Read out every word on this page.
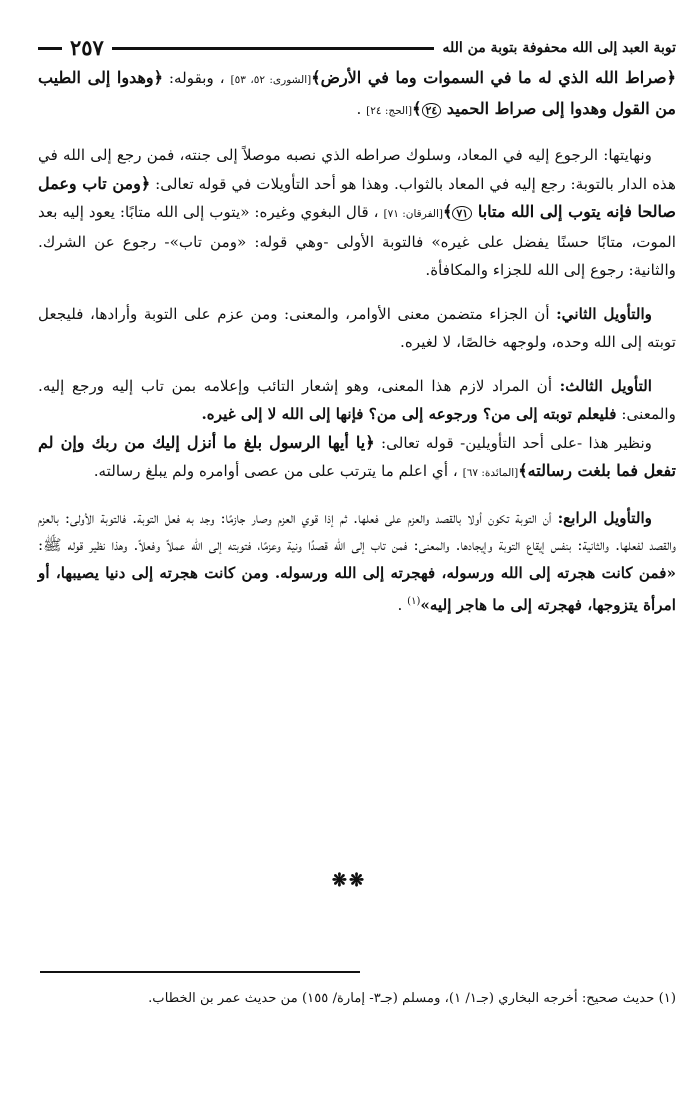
٢٥٧	توبة العبد إلى الله محفوفة بتوبة من الله

﴿صراط الله الذي له ما في السموات وما في الأرض﴾[الشورى: ٥٢، ٥٣] ، وبقوله: ﴿وهدوا إلى الطيب من القول وهدوا إلى صراط الحميد ٢٤﴾[الحج: ٢٤] .

ونهايتها: الرجوع إليه في المعاد، وسلوك صراطه الذي نصبه موصلاً إلى جنته، فمن رجع إلى الله في هذه الدار بالتوبة: رجع إليه في المعاد بالثواب. وهذا هو أحد التأويلات في قوله تعالى: ﴿ومن تاب وعمل صالحا فإنه يتوب إلى الله متابا ٧١﴾[الفرقان: ٧١] ، قال البغوي وغيره: «يتوب إلى الله متابًا: يعود إليه بعد الموت، متابًا حسنًا يفضل على غيره» فالتوبة الأولى -وهي قوله: «ومن تاب»- رجوع عن الشرك. والثانية: رجوع إلى الله للجزاء والمكافأة.

والتأويل الثاني: أن الجزاء متضمن معنى الأوامر، والمعنى: ومن عزم على التوبة وأرادها، فليجعل توبته إلى الله وحده، ولوجهه خالصًا، لا لغيره.

التأويل الثالث: أن المراد لازم هذا المعنى، وهو إشعار التائب وإعلامه بمن تاب إليه ورجع إليه. والمعنى: فليعلم توبته إلى من؟ ورجوعه إلى من؟ فإنها إلى الله لا إلى غيره.

ونظير هذا -على أحد التأويلين- قوله تعالى: ﴿يا أيها الرسول بلغ ما أنزل إليك من ربك وإن لم تفعل فما بلغت رسالته﴾[المائدة: ٦٧] ، أي اعلم ما يترتب على من عصى أوامره ولم يبلغ رسالته.

والتأويل الرابع: أن التوبة تكون أولا بالقصد والعزم على فعلها. ثم إذا قوي العزم وصار جازمًا: وجد به فعل التوبة. فالتوبة الأولى: بالعزم والقصد لفعلها. والثانية: بنفس إيقاع التوبة وإيجادها. والمعنى: فمن تاب إلى الله قصدًا ونية وعزمًا، فتوبته إلى الله عملاً وفعلاً. وهذا نظير قوله ﷺ: «فمن كانت هجرته إلى الله ورسوله، فهجرته إلى الله ورسوله. ومن كانت هجرته إلى دنيا يصيبها، أو امرأة يتزوجها، فهجرته إلى ما هاجر إليه»$^{(١)}$ .

❋❋
(١) حديث صحيح: أخرجه البخاري (جـ١/ ١)، ومسلم (جـ٣- إمارة/ ١٥٥) من حديث عمر بن الخطاب.
